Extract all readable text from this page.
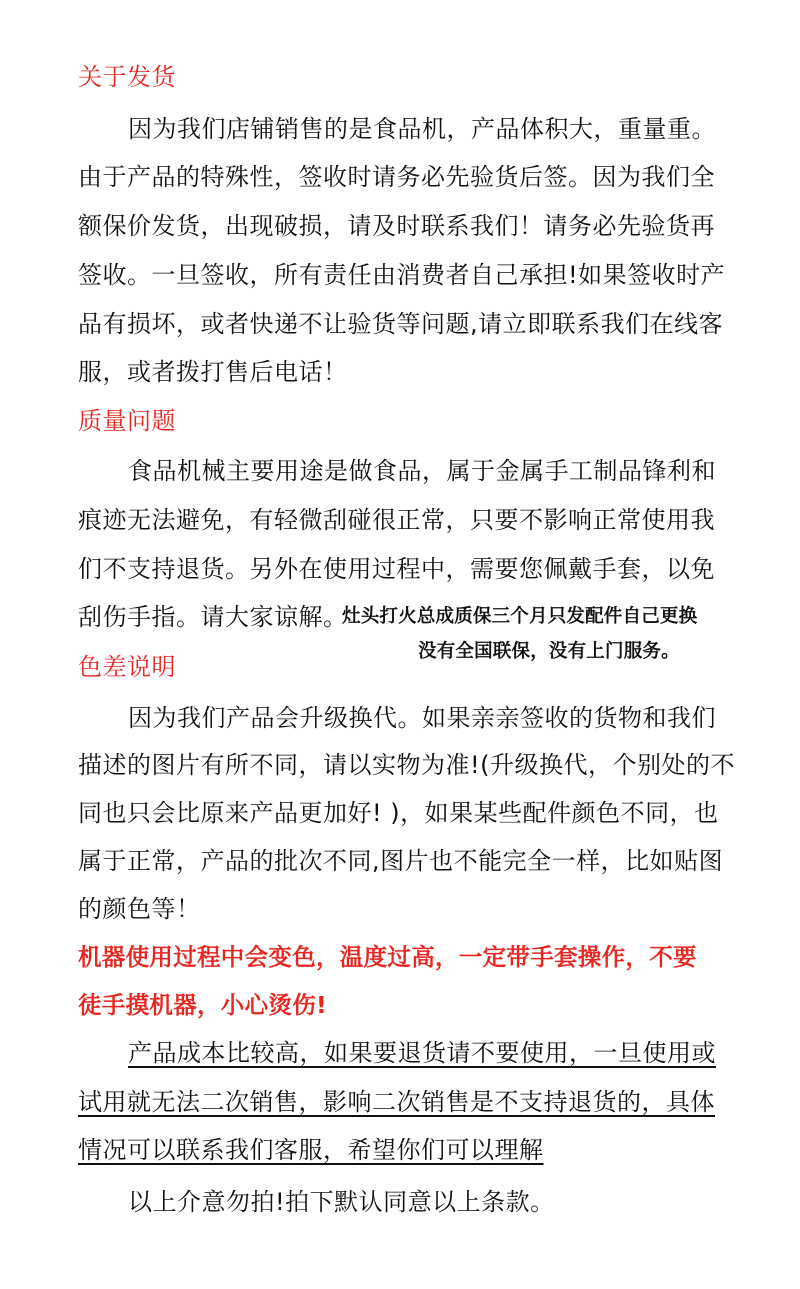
关于发货
因为我们店铺销售的是食品机，产品体积大，重量重。
由于产品的特殊性，签收时请务必先验货后签。因为我们全
额保价发货，出现破损，请及时联系我们！请务必先验货再
签收。一旦签收，所有责任由消费者自己承担!如果签收时产
品有损坏，或者快递不让验货等问题,请立即联系我们在线客
服，或者拨打售后电话！
质量问题
食品机械主要用途是做食品，属于金属手工制品锋利和
痕迹无法避免，有轻微刮碰很正常，只要不影响正常使用我
们不支持退货。另外在使用过程中，需要您佩戴手套，以免
刮伤手指。请大家谅解。
灶头打火总成质保三个月只发配件自己更换
没有全国联保，没有上门服务。
色差说明
因为我们产品会升级换代。如果亲亲签收的货物和我们
描述的图片有所不同，请以实物为准!(升级换代，个别处的不
同也只会比原来产品更加好! )，如果某些配件颜色不同，也
属于正常，产品的批次不同,图片也不能完全一样，比如贴图
的颜色等！
机器使用过程中会变色，温度过高，一定带手套操作，不要
徒手摸机器，小心烫伤!
产品成本比较高，如果要退货请不要使用，一旦使用或
试用就无法二次销售，影响二次销售是不支持退货的，具体
情况可以联系我们客服，希望你们可以理解
以上介意勿拍!拍下默认同意以上条款。
